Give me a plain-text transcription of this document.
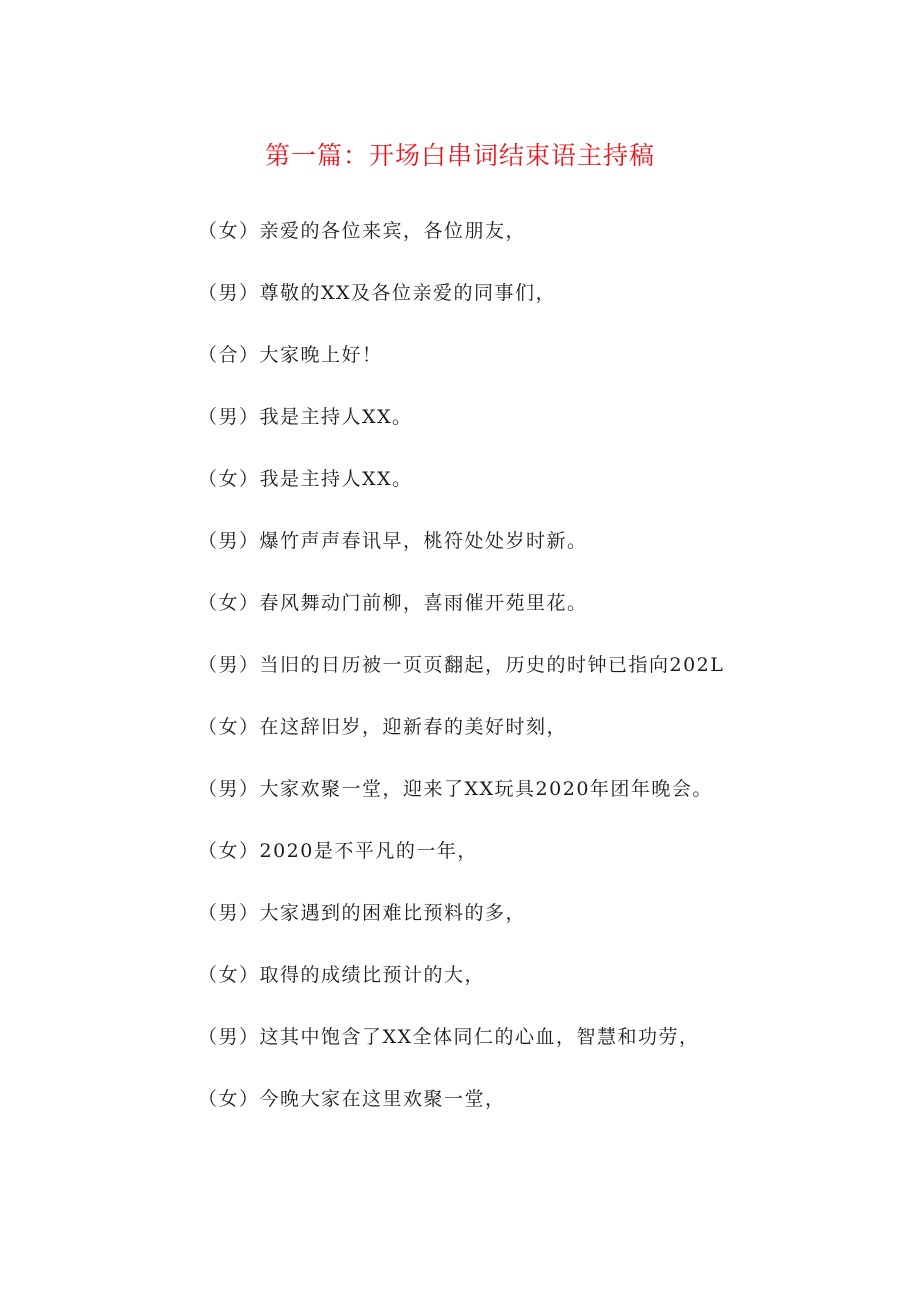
第一篇：开场白串词结束语主持稿
（女）亲爱的各位来宾，各位朋友，
（男）尊敬的XX及各位亲爱的同事们，
（合）大家晚上好！
（男）我是主持人XX。
（女）我是主持人XX。
（男）爆竹声声春讯早，桃符处处岁时新。
（女）春风舞动门前柳，喜雨催开苑里花。
（男）当旧的日历被一页页翻起，历史的时钟已指向202L
（女）在这辞旧岁，迎新春的美好时刻，
（男）大家欢聚一堂，迎来了XX玩具2020年团年晚会。
（女）2020是不平凡的一年，
（男）大家遇到的困难比预料的多，
（女）取得的成绩比预计的大，
（男）这其中饱含了XX全体同仁的心血，智慧和功劳，
（女）今晚大家在这里欢聚一堂，
